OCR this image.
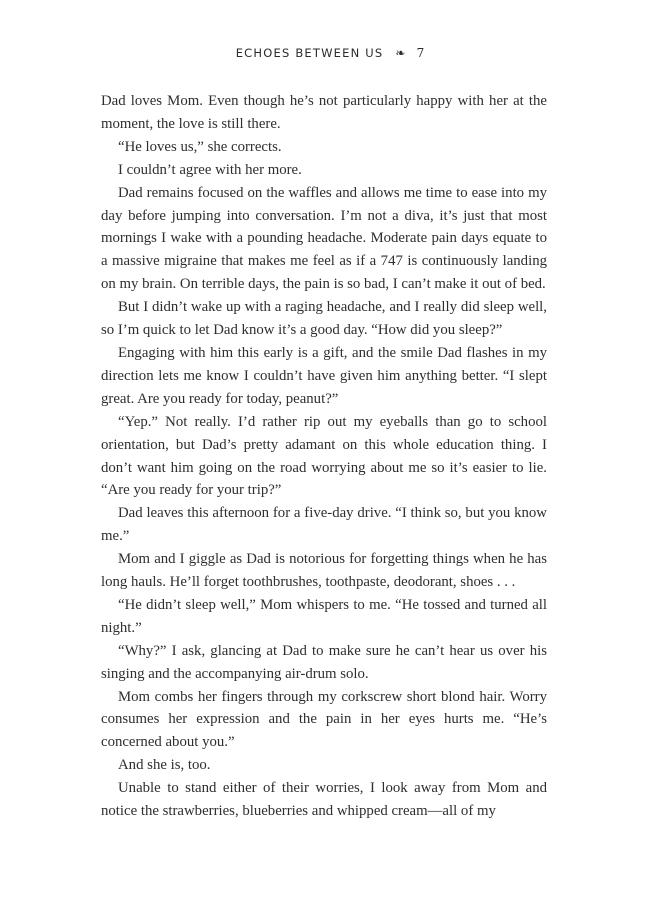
ECHOES BETWEEN US ❧ 7

Dad loves Mom. Even though he’s not particularly happy with her at the moment, the love is still there.

“He loves us,” she corrects.

I couldn’t agree with her more.

Dad remains focused on the waffles and allows me time to ease into my day before jumping into conversation. I’m not a diva, it’s just that most mornings I wake with a pounding headache. Moderate pain days equate to a massive migraine that makes me feel as if a 747 is continuously landing on my brain. On terrible days, the pain is so bad, I can’t make it out of bed.

But I didn’t wake up with a raging headache, and I really did sleep well, so I’m quick to let Dad know it’s a good day. “How did you sleep?”

Engaging with him this early is a gift, and the smile Dad flashes in my direction lets me know I couldn’t have given him anything better. “I slept great. Are you ready for today, peanut?”

“Yep.” Not really. I’d rather rip out my eyeballs than go to school orientation, but Dad’s pretty adamant on this whole education thing. I don’t want him going on the road worrying about me so it’s easier to lie. “Are you ready for your trip?”

Dad leaves this afternoon for a five-day drive. “I think so, but you know me.”

Mom and I giggle as Dad is notorious for forgetting things when he has long hauls. He’ll forget toothbrushes, toothpaste, deodorant, shoes . . .

“He didn’t sleep well,” Mom whispers to me. “He tossed and turned all night.”

“Why?” I ask, glancing at Dad to make sure he can’t hear us over his singing and the accompanying air-drum solo.

Mom combs her fingers through my corkscrew short blond hair. Worry consumes her expression and the pain in her eyes hurts me. “He’s concerned about you.”

And she is, too.

Unable to stand either of their worries, I look away from Mom and notice the strawberries, blueberries and whipped cream—all of my
